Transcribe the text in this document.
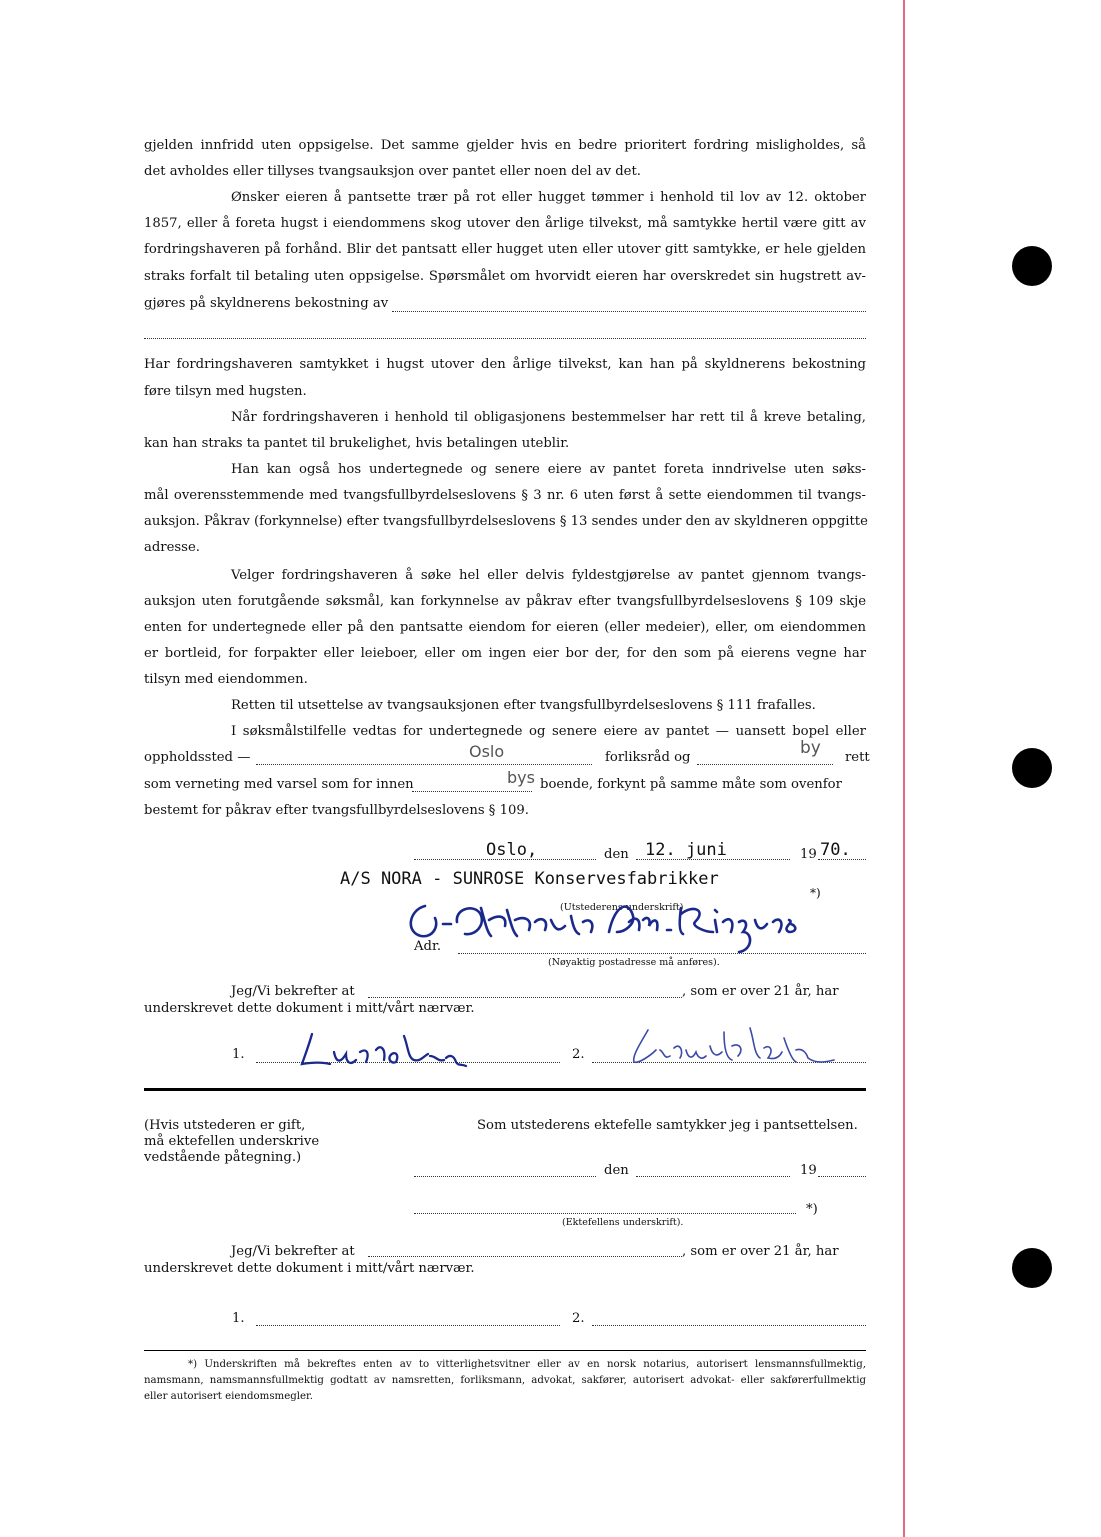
gjelden innfridd uten oppsigelse. Det samme gjelder hvis en bedre prioritert fordring misligholdes, så
det avholdes eller tillyses tvangsauksjon over pantet eller noen del av det.
Ønsker eieren å pantsette trær på rot eller hugget tømmer i henhold til lov av 12. oktober
1857, eller å foreta hugst i eiendommens skog utover den årlige tilvekst, må samtykke hertil være gitt av
fordringshaveren på forhånd. Blir det pantsatt eller hugget uten eller utover gitt samtykke, er hele gjelden
straks forfalt til betaling uten oppsigelse. Spørsmålet om hvorvidt eieren har overskredet sin hugstrett av-
gjøres på skyldnerens bekostning av
Har fordringshaveren samtykket i hugst utover den årlige tilvekst, kan han på skyldnerens bekostning
føre tilsyn med hugsten.
Når fordringshaveren i henhold til obligasjonens bestemmelser har rett til å kreve betaling,
kan han straks ta pantet til brukelighet, hvis betalingen uteblir.
Han kan også hos undertegnede og senere eiere av pantet foreta inndrivelse uten søks-
mål overensstemmende med tvangsfullbyrdelseslovens § 3 nr. 6 uten først å sette eiendommen til tvangs-
auksjon. Påkrav (forkynnelse) efter tvangsfullbyrdelseslovens § 13 sendes under den av skyldneren oppgitte
adresse.
Velger fordringshaveren å søke hel eller delvis fyldestgjørelse av pantet gjennom tvangs-
auksjon uten forutgående søksmål, kan forkynnelse av påkrav efter tvangsfullbyrdelseslovens § 109 skje
enten for undertegnede eller på den pantsatte eiendom for eieren (eller medeier), eller, om eiendommen
er bortleid, for forpakter eller leieboer, eller om ingen eier bor der, for den som på eierens vegne har
tilsyn med eiendommen.
Retten til utsettelse av tvangsauksjonen efter tvangsfullbyrdelseslovens § 111 frafalles.
I søksmålstilfelle vedtas for undertegnede og senere eiere av pantet — uansett bopel eller
oppholdssted —	Oslo	forliksråd og	by rett
som verneting med varsel som for innen	bys boende, forkynt på samme måte som ovenfor
bestemt for påkrav efter tvangsfullbyrdelseslovens § 109.
Oslo,	den 12. juni	19 70.
A/S NORA - SUNROSE Konservesfabrikker
*)
(Utstederens underskrift)
Adr.
(Nøyaktig postadresse må anføres).
Jeg/Vi bekrefter at	, som er over 21 år, har
underskrevet dette dokument i mitt/vårt nærvær.
1.	2.
(Hvis utstederen er gift,
må ektefellen underskrive
vedstående påtegning.)
Som utstederens ektefelle samtykker jeg i pantsettelsen.
den	19
*)
(Ektefellens underskrift).
Jeg/Vi bekrefter at	, som er over 21 år, har
underskrevet dette dokument i mitt/vårt nærvær.
1.	2.
*) Underskriften må bekreftes enten av to vitterlighetsvitner eller av en norsk notarius, autorisert lensmannsfullmektig,
namsmann, namsmannsfullmektig godtatt av namsretten, forliksmann, advokat, sakfører, autorisert advokat- eller sakførerfullmektig
eller autorisert eiendomsmegler.
